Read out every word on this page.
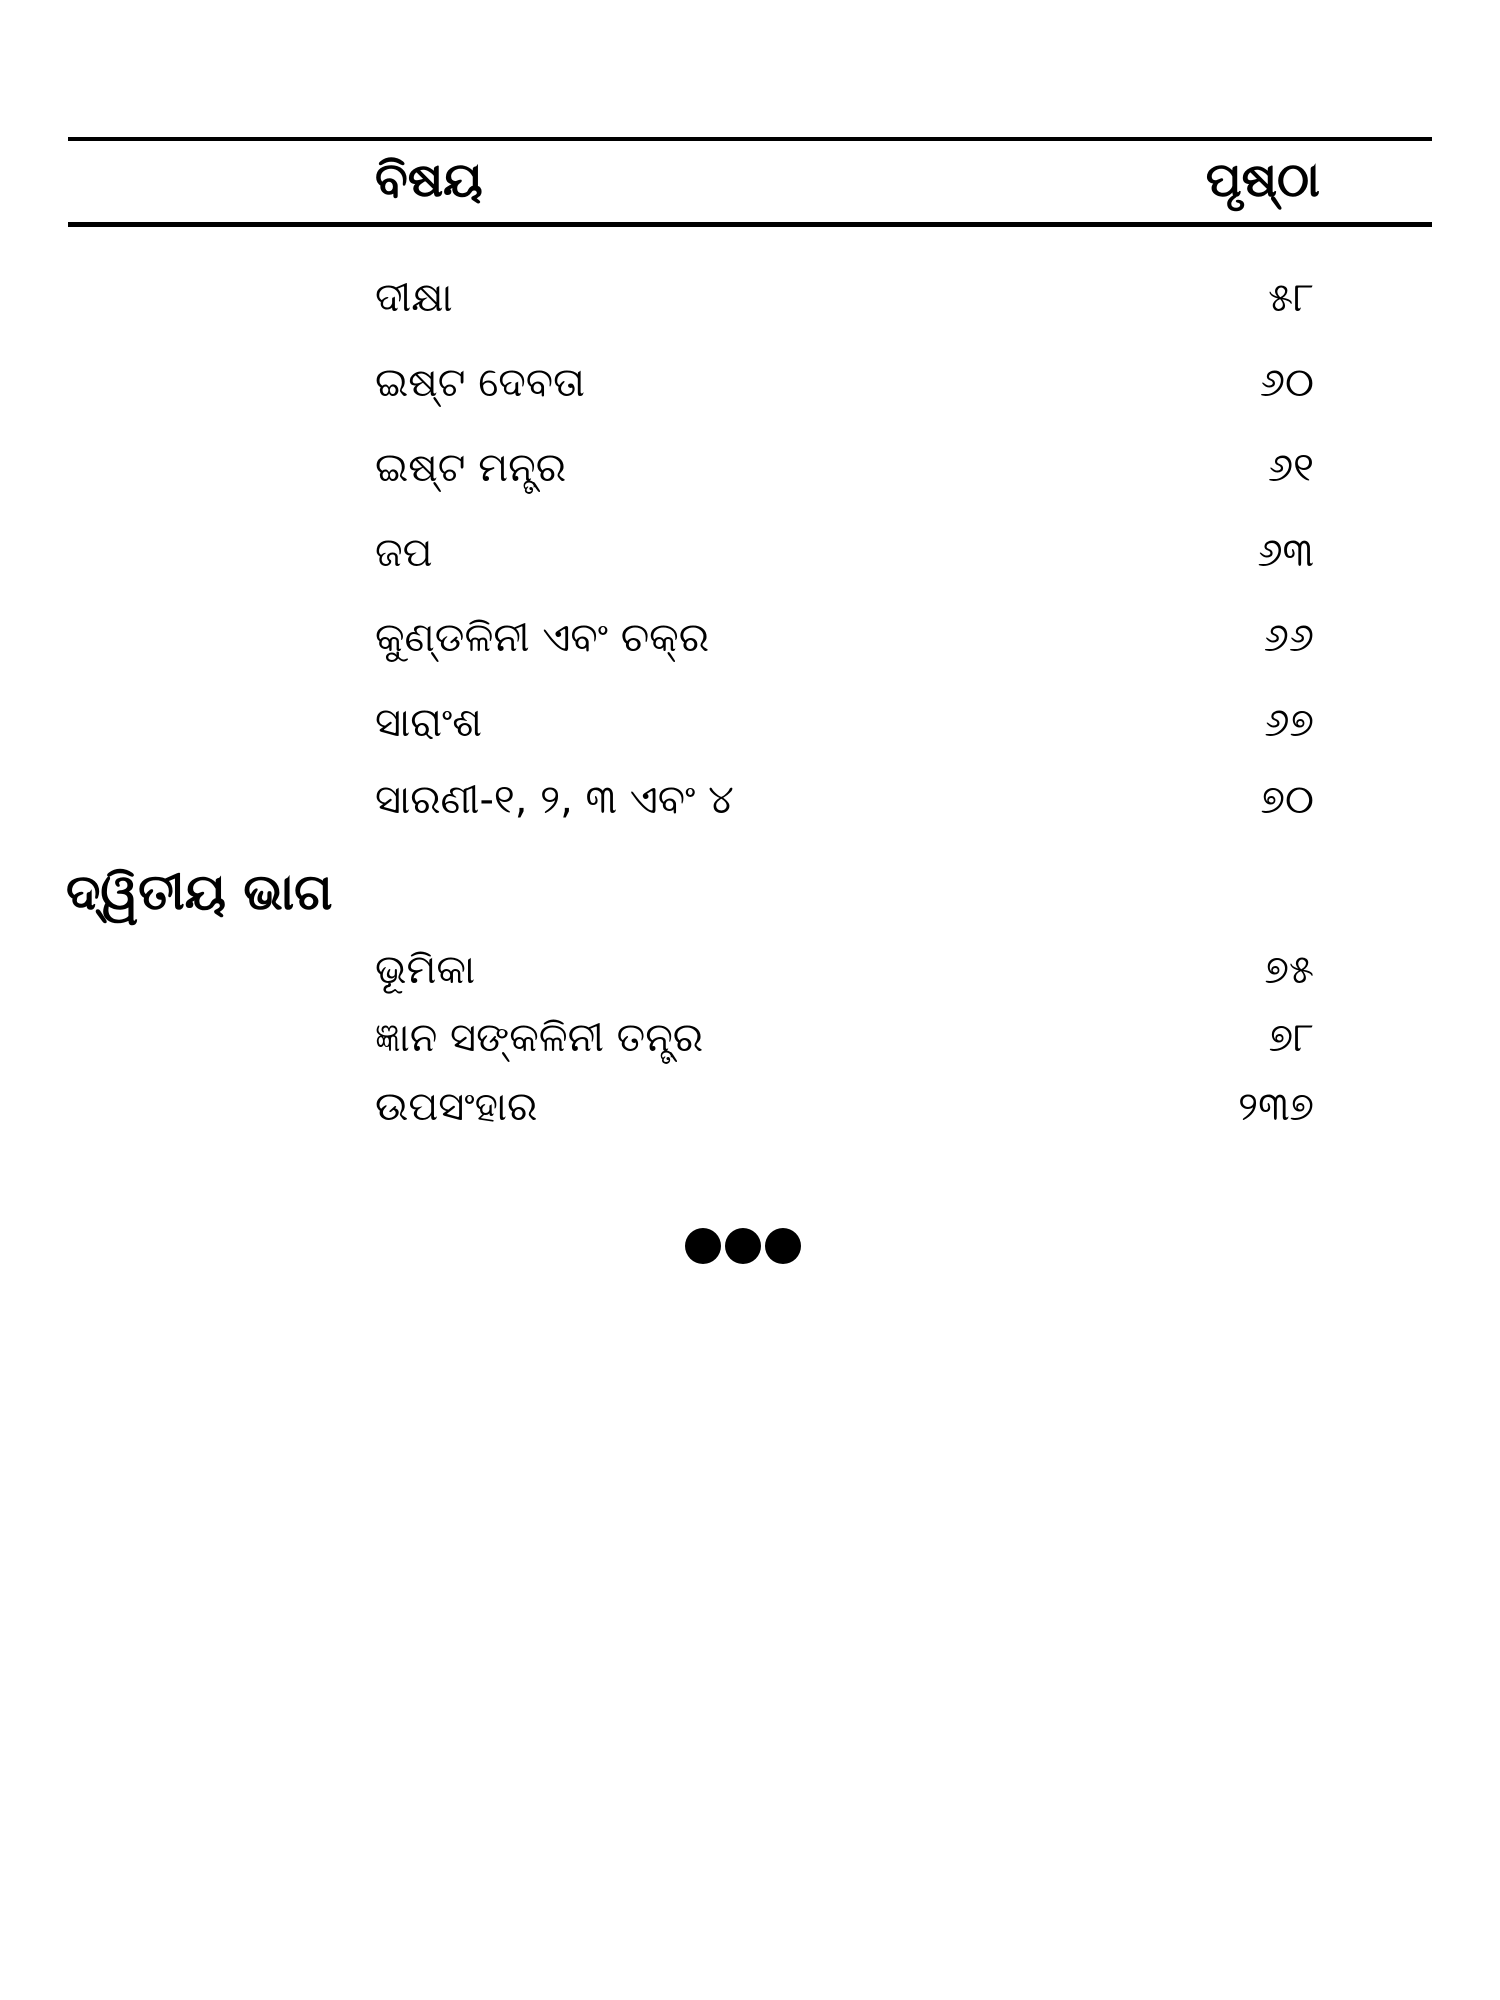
ବିଷୟ	ପୃଷ୍ଠା
ଦୀକ୍ଷା	୫୮
ଇଷ୍ଟ ଦେବତା	୬୦
ଇଷ୍ଟ ମନ୍ତ୍ର	୬୧
ଜପ	୬୩
କୁଣ୍ଡଳିନୀ ଏବଂ ଚକ୍ର	୬୬
ସାରାଂଶ	୬୭
ସାରଣୀ-୧, ୨, ୩ ଏବଂ ୪	୭୦
ଦ୍ୱିତୀୟ ଭାଗ
ଭୂମିକା	୭୫
ଜ୍ଞାନ ସଙ୍କଳିନୀ ତନ୍ତ୍ର	୭୮
ଉପସଂହାର	୨୩୭
